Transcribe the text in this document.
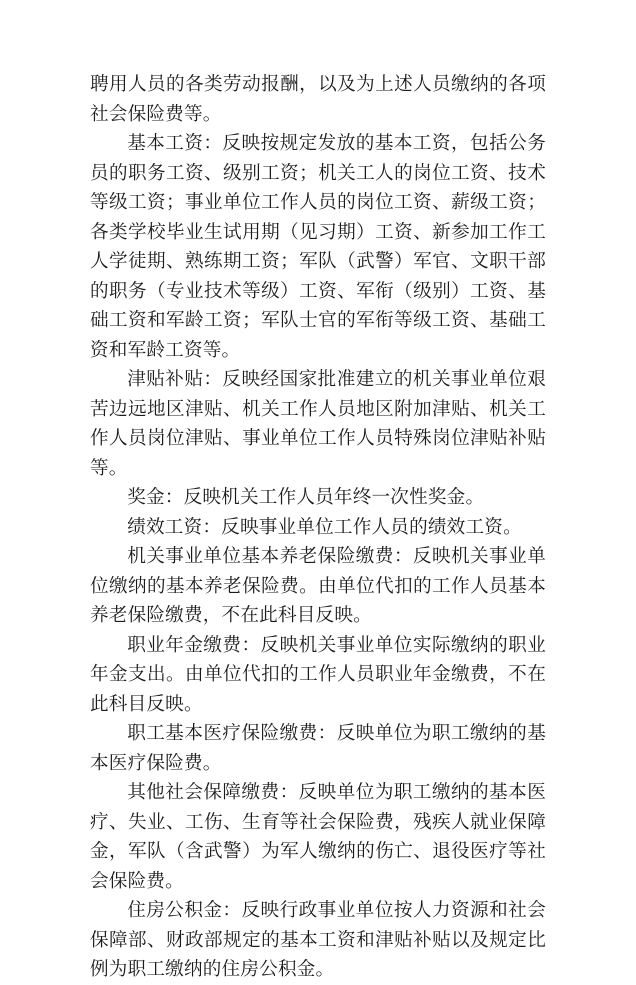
聘用人员的各类劳动报酬，以及为上述人员缴纳的各项社会保险费等。

基本工资：反映按规定发放的基本工资，包括公务员的职务工资、级别工资；机关工人的岗位工资、技术等级工资；事业单位工作人员的岗位工资、薪级工资；各类学校毕业生试用期（见习期）工资、新参加工作工人学徒期、熟练期工资；军队（武警）军官、文职干部的职务（专业技术等级）工资、军衔（级别）工资、基础工资和军龄工资；军队士官的军衔等级工资、基础工资和军龄工资等。

津贴补贴：反映经国家批准建立的机关事业单位艰苦边远地区津贴、机关工作人员地区附加津贴、机关工作人员岗位津贴、事业单位工作人员特殊岗位津贴补贴等。

奖金：反映机关工作人员年终一次性奖金。

绩效工资：反映事业单位工作人员的绩效工资。

机关事业单位基本养老保险缴费：反映机关事业单位缴纳的基本养老保险费。由单位代扣的工作人员基本养老保险缴费，不在此科目反映。

职业年金缴费：反映机关事业单位实际缴纳的职业年金支出。由单位代扣的工作人员职业年金缴费，不在此科目反映。

职工基本医疗保险缴费：反映单位为职工缴纳的基本医疗保险费。

其他社会保障缴费：反映单位为职工缴纳的基本医疗、失业、工伤、生育等社会保险费，残疾人就业保障金，军队（含武警）为军人缴纳的伤亡、退役医疗等社会保险费。

住房公积金：反映行政事业单位按人力资源和社会保障部、财政部规定的基本工资和津贴补贴以及规定比例为职工缴纳的住房公积金。
